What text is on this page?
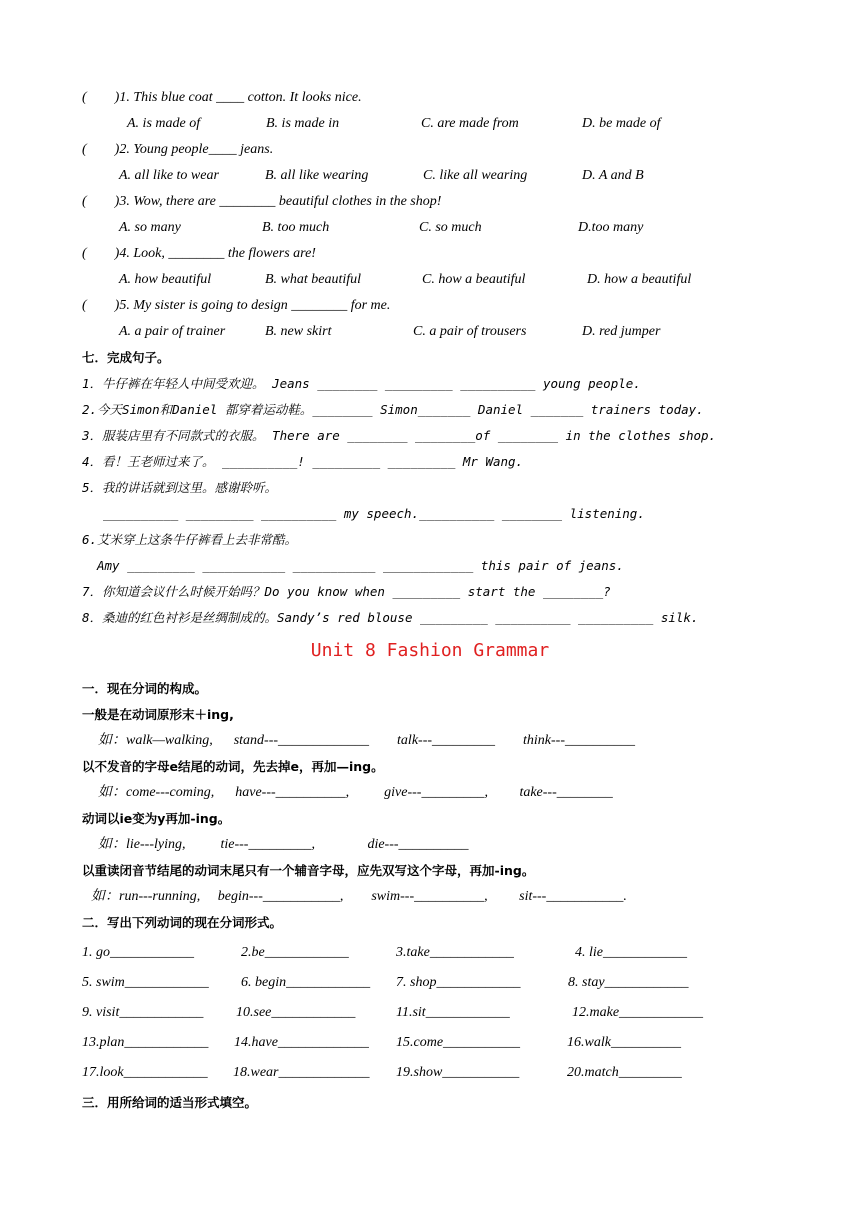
(        )1. This blue coat ____ cotton. It looks nice.
A. is made of	B. is made in	C. are made from	D. be made of
(        )2. Young people____ jeans.
A. all like to wear	B. all like wearing	C. like all wearing	D. A and B
(        )3. Wow, there are ________ beautiful clothes in the shop!
A. so many	B. too much	C. so much	D.too many
(        )4. Look, ________ the flowers are!
A. how beautiful	B. what beautiful	C. how a beautiful	D. how a beautiful
(        )5. My sister is going to design ________ for me.
A. a pair of trainer	B. new skirt	C. a pair of trousers	D. red jumper
七．完成句子。
1．牛仔裤在年轻人中间受欢迎。 Jeans ________ _________ __________ young people.
2.今天Simon和Daniel 都穿着运动鞋。________ Simon_______ Daniel _______ trainers today.
3．服装店里有不同款式的衣服。 There are ________ ________of ________ in the clothes shop.
4．看！王老师过来了。 __________! _________ _________ Mr Wang.
5．我的讲话就到这里。感谢聆听。
__________ _________ __________ my speech.__________ ________ listening.
6.艾米穿上这条牛仔裤看上去非常酷。
Amy _________ ___________ ___________ ____________ this pair of jeans.
7．你知道会议什么时候开始吗？Do you know when _________ start the ________?
8．桑迪的红色衬衫是丝绸制成的。Sandy’s red blouse _________ __________ __________ silk.
Unit 8 Fashion Grammar
一．现在分词的构成。
一般是在动词原形末＋ing,
如：walk—walking,      stand---_____________        talk---_________        think---__________
以不发音的字母e结尾的动词，先去掉e，再加—ing。
如：come---coming,      have---__________,          give---_________,         take---________
动词以ie变为y再加-ing。
如：lie---lying,          tie---_________,               die---__________
以重读闭音节结尾的动词末尾只有一个辅音字母，应先双写这个字母，再加-ing。
如：run---running,     begin---___________,        swim---__________,         sit---___________.
二．写出下列动词的现在分词形式。
1. go____________	2.be____________	3.take____________	4. lie____________
5. swim____________ 6. begin____________ 7. shop____________	8. stay____________
9. visit____________ 10.see____________	11.sit____________	12.make____________
13.plan____________ 14.have_____________ 15.come___________	16.walk__________
17.look____________ 18.wear_____________ 19.show___________	20.match_________
三．用所给词的适当形式填空。
